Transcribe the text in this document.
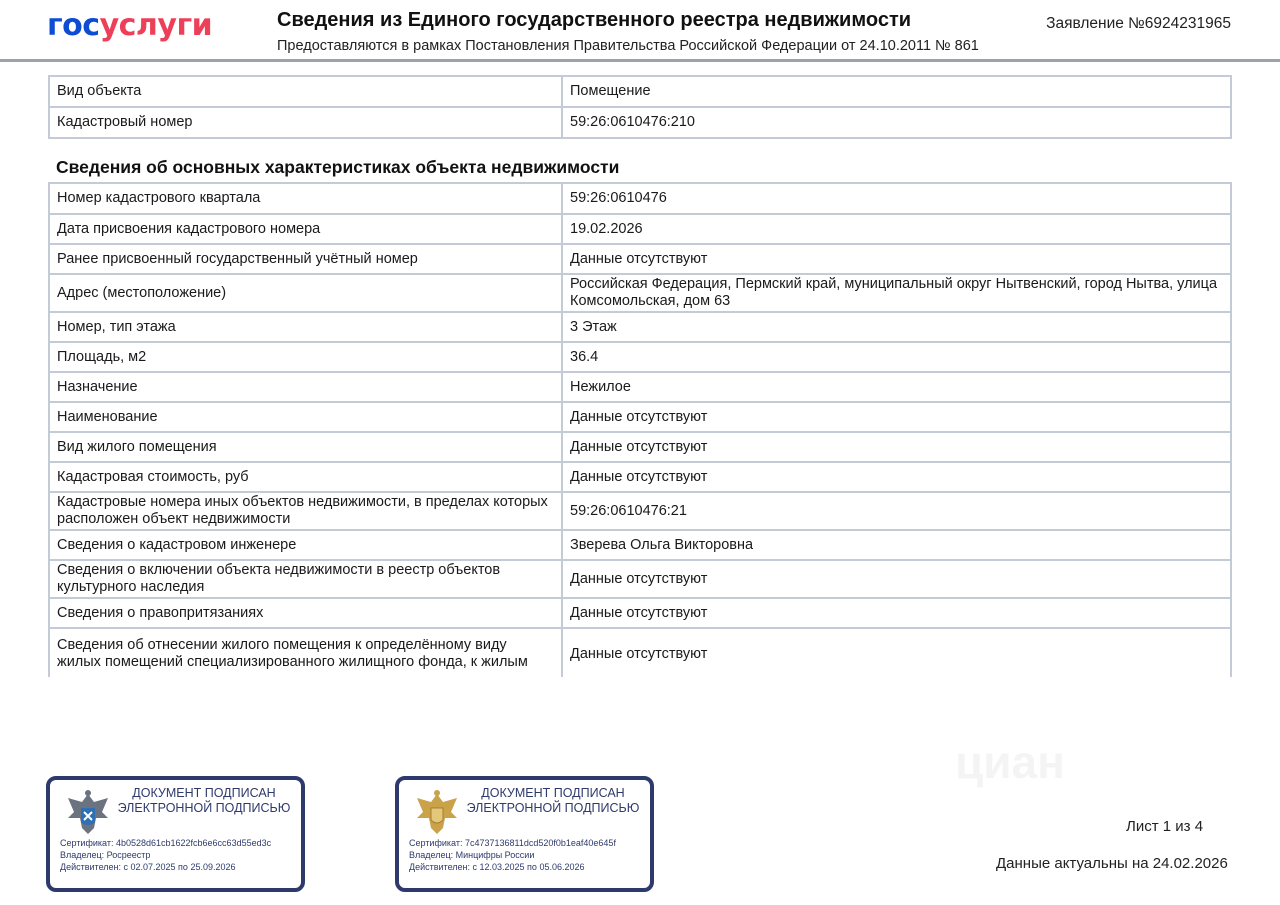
госуслуги	Сведения из Единого государственного реестра недвижимости
Предоставляются в рамках Постановления Правительства Российской Федерации от 24.10.2011 № 861
Заявление №6924231965
циан
Вид объекта	Помещение
Кадастровый номер	59:26:0610476:210
Сведения об основных характеристиках объекта недвижимости
Номер кадастрового квартала	59:26:0610476
Дата присвоения кадастрового номера	19.02.2026
Ранее присвоенный государственный учётный номер	Данные отсутствуют
Адрес (местоположение)	Российская Федерация, Пермский край, муниципальный округ Нытвенский, город Нытва, улица Комсомольская, дом 63
Номер, тип этажа	3 Этаж
Площадь, м2	36.4
Назначение	Нежилое
Наименование	Данные отсутствуют
Вид жилого помещения	Данные отсутствуют
Кадастровая стоимость, руб	Данные отсутствуют
Кадастровые номера иных объектов недвижимости, в пределах которых расположен объект недвижимости	59:26:0610476:21
Сведения о кадастровом инженере	Зверева Ольга Викторовна
Сведения о включении объекта недвижимости в реестр объектов культурного наследия	Данные отсутствуют
Сведения о правопритязаниях	Данные отсутствуют
Сведения об отнесении жилого помещения к определённому виду жилых помещений специализированного жилищного фонда, к жилым	Данные отсутствуют
ДОКУМЕНТ ПОДПИСАН ЭЛЕКТРОННОЙ ПОДПИСЬЮ
Сертификат: 4b0528d61cb1622fcb6e6cc63d55ed3c
Владелец: Росреестр
Действителен: с 02.07.2025 по 25.09.2026
ДОКУМЕНТ ПОДПИСАН ЭЛЕКТРОННОЙ ПОДПИСЬЮ
Сертификат: 7c4737136811dcd520f0b1eaf40e645f
Владелец: Минцифры России
Действителен: с 12.03.2025 по 05.06.2026
Лист 1 из 4
Данные актуальны на 24.02.2026
